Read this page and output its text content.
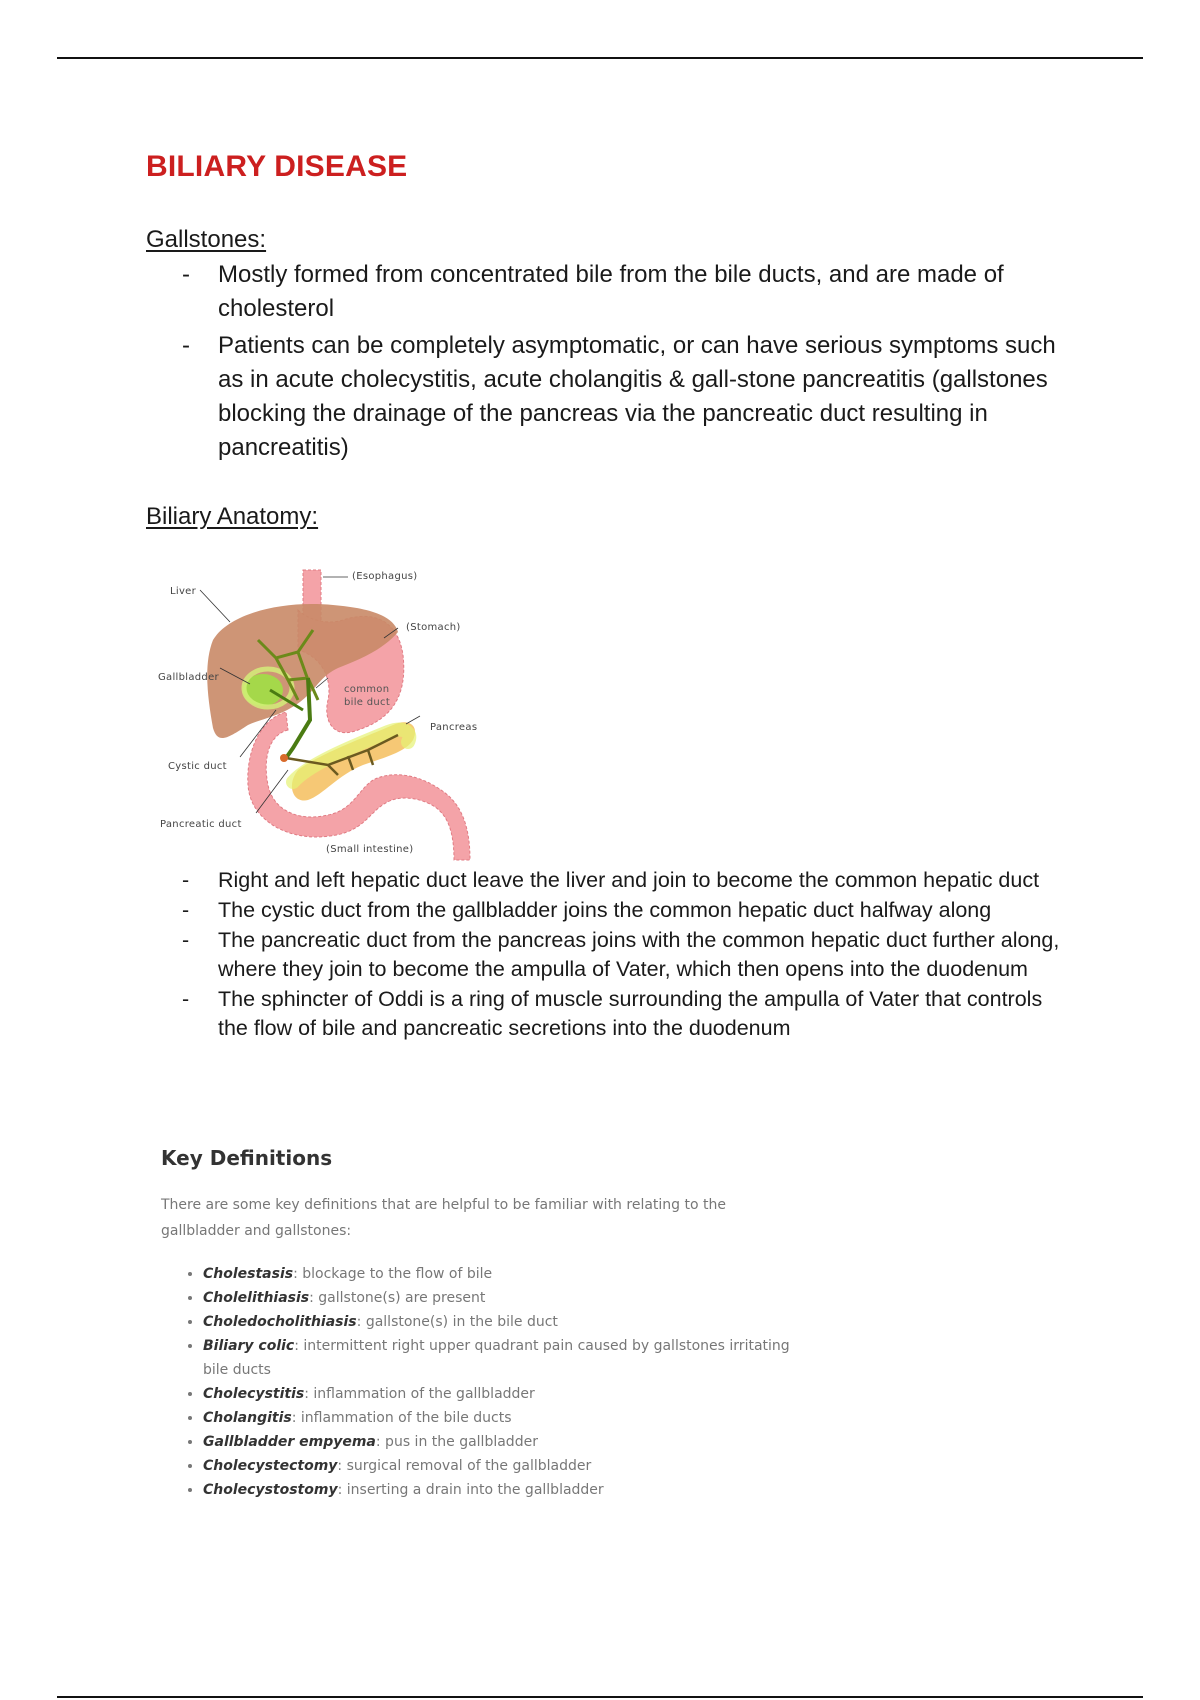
BILIARY DISEASE
Gallstones:
- Mostly formed from concentrated bile from the bile ducts, and are made of cholesterol
- Patients can be completely asymptomatic, or can have serious symptoms such as in acute cholecystitis, acute cholangitis & gall-stone pancreatitis (gallstones blocking the drainage of the pancreas via the pancreatic duct resulting in pancreatitis)
Biliary Anatomy:
Liver
Gallbladder
Cystic duct
Pancreatic duct
(Esophagus)
(Stomach)
common
bile duct
Pancreas
(Small intestine)
- Right and left hepatic duct leave the liver and join to become the common hepatic duct
- The cystic duct from the gallbladder joins the common hepatic duct halfway along
- The pancreatic duct from the pancreas joins with the common hepatic duct further along, where they join to become the ampulla of Vater, which then opens into the duodenum
- The sphincter of Oddi is a ring of muscle surrounding the ampulla of Vater that controls the flow of bile and pancreatic secretions into the duodenum
Key Definitions
There are some key definitions that are helpful to be familiar with relating to the gallbladder and gallstones:
• Cholestasis: blockage to the flow of bile
• Cholelithiasis: gallstone(s) are present
• Choledocholithiasis: gallstone(s) in the bile duct
• Biliary colic: intermittent right upper quadrant pain caused by gallstones irritating bile ducts
• Cholecystitis: inflammation of the gallbladder
• Cholangitis: inflammation of the bile ducts
• Gallbladder empyema: pus in the gallbladder
• Cholecystectomy: surgical removal of the gallbladder
• Cholecystostomy: inserting a drain into the gallbladder
